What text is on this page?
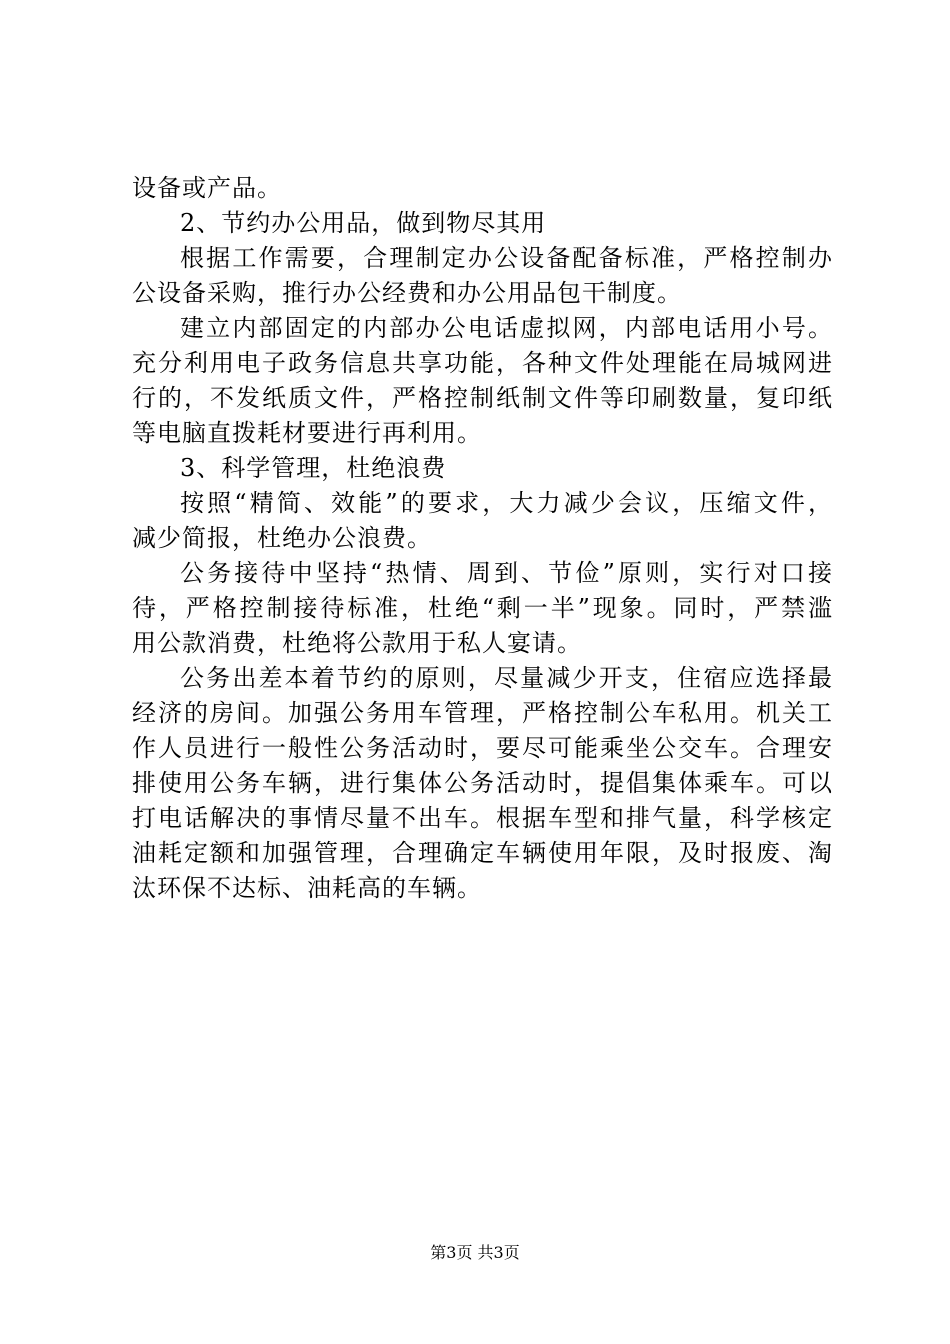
设备或产品。
2、节约办公用品，做到物尽其用
根据工作需要，合理制定办公设备配备标准，严格控制办
公设备采购，推行办公经费和办公用品包干制度。
建立内部固定的内部办公电话虚拟网，内部电话用小号。
充分利用电子政务信息共享功能，各种文件处理能在局城网进
行的，不发纸质文件，严格控制纸制文件等印刷数量，复印纸
等电脑直拨耗材要进行再利用。
3、科学管理，杜绝浪费
按照“精简、效能”的要求，大力减少会议，压缩文件，
减少简报，杜绝办公浪费。
公务接待中坚持“热情、周到、节俭”原则，实行对口接
待，严格控制接待标准，杜绝“剩一半”现象。同时，严禁滥
用公款消费，杜绝将公款用于私人宴请。
公务出差本着节约的原则，尽量减少开支，住宿应选择最
经济的房间。加强公务用车管理，严格控制公车私用。机关工
作人员进行一般性公务活动时，要尽可能乘坐公交车。合理安
排使用公务车辆，进行集体公务活动时，提倡集体乘车。可以
打电话解决的事情尽量不出车。根据车型和排气量，科学核定
油耗定额和加强管理，合理确定车辆使用年限，及时报废、淘
汰环保不达标、油耗高的车辆。
第3页 共3页
